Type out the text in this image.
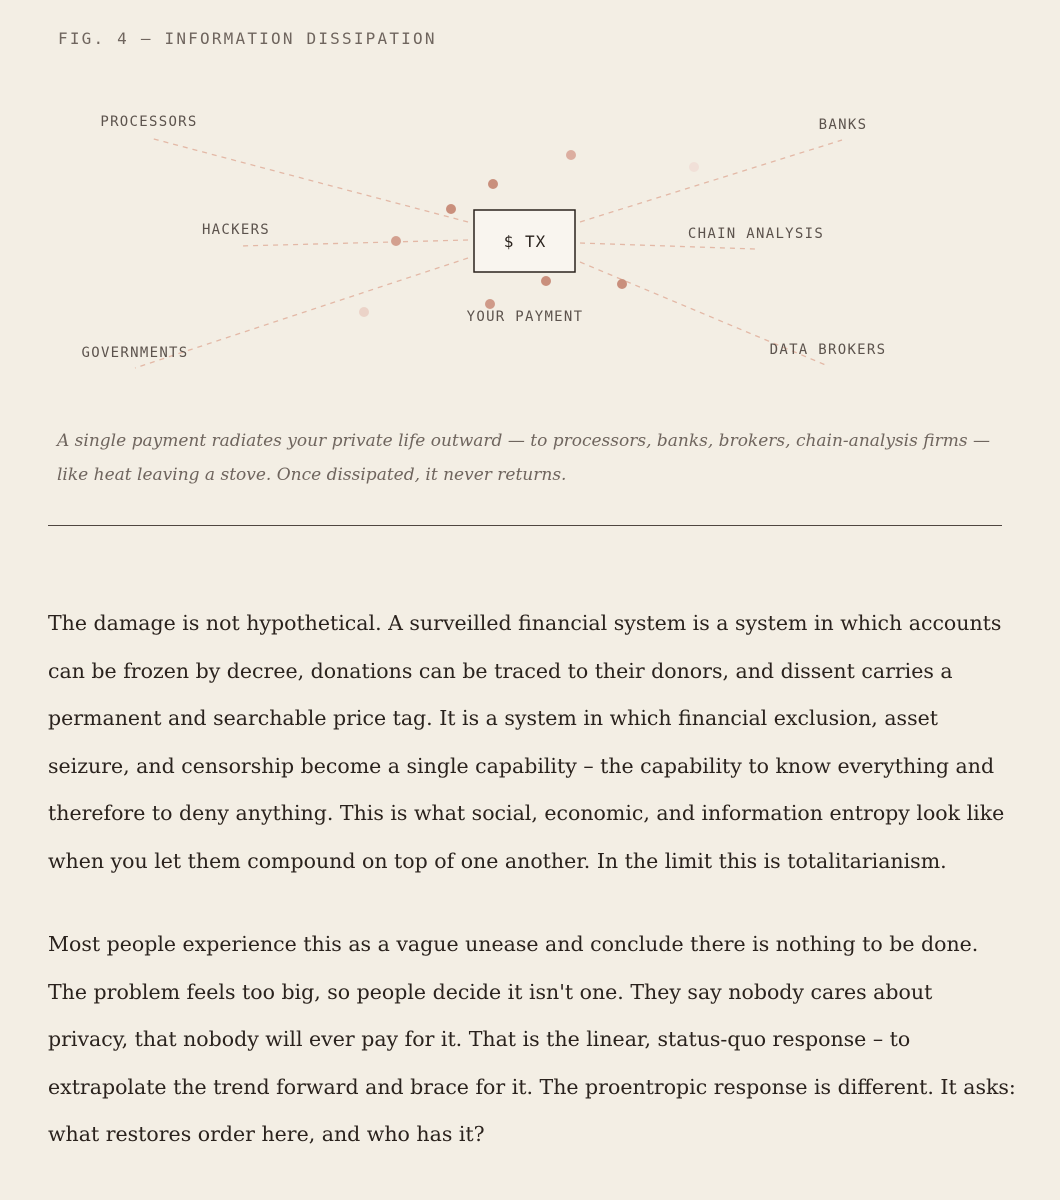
FIG. 4 — INFORMATION DISSIPATION
$ TX
YOUR PAYMENT
PROCESSORS	BANKS
HACKERS	CHAIN ANALYSIS
GOVERNMENTS	DATA BROKERS

A single payment radiates your private life outward — to processors, banks, brokers, chain-analysis firms — like heat leaving a stove. Once dissipated, it never returns.

The damage is not hypothetical. A surveilled financial system is a system in which accounts can be frozen by decree, donations can be traced to their donors, and dissent carries a permanent and searchable price tag. It is a system in which financial exclusion, asset seizure, and censorship become a single capability – the capability to know everything and therefore to deny anything. This is what social, economic, and information entropy look like when you let them compound on top of one another. In the limit this is totalitarianism.

Most people experience this as a vague unease and conclude there is nothing to be done. The problem feels too big, so people decide it isn't one. They say nobody cares about privacy, that nobody will ever pay for it. That is the linear, status-quo response – to extrapolate the trend forward and brace for it. The proentropic response is different. It asks: what restores order here, and who has it?
